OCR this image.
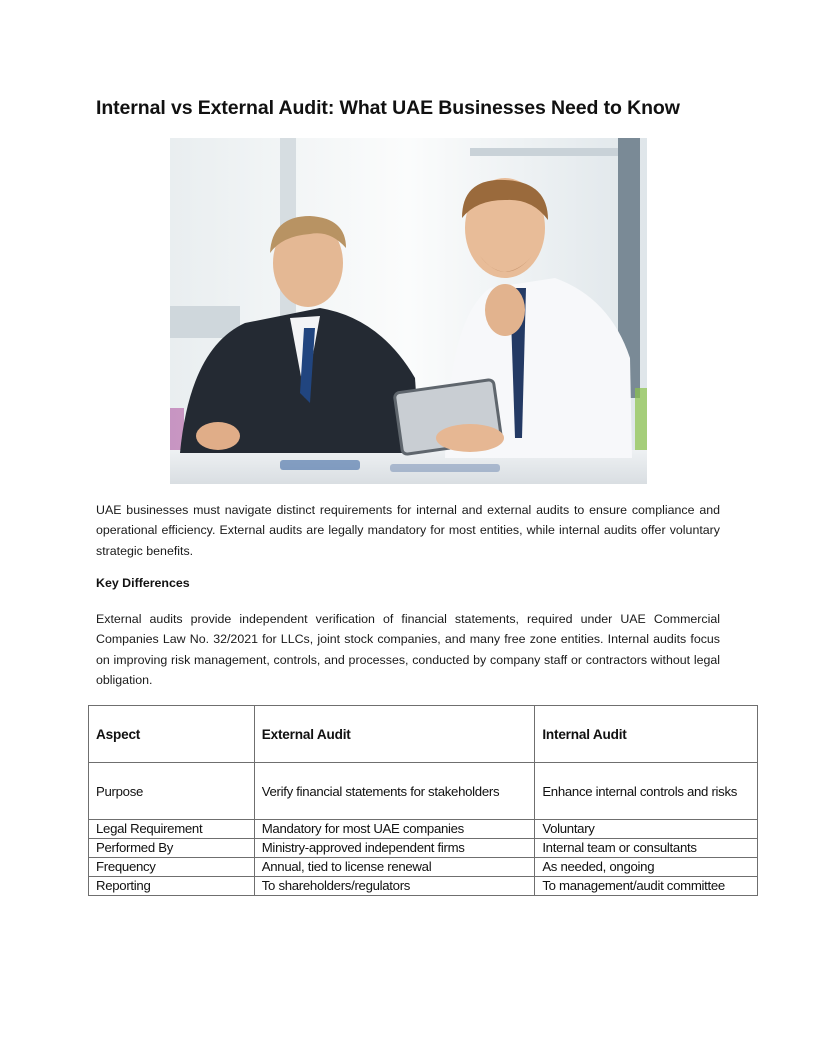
Internal vs External Audit: What UAE Businesses Need to Know

UAE businesses must navigate distinct requirements for internal and external audits to ensure compliance and operational efficiency. External audits are legally mandatory for most entities, while internal audits offer voluntary strategic benefits.

Key Differences

External audits provide independent verification of financial statements, required under UAE Commercial Companies Law No. 32/2021 for LLCs, joint stock companies, and many free zone entities. Internal audits focus on improving risk management, controls, and processes, conducted by company staff or contractors without legal obligation.

Aspect	External Audit	Internal Audit
Purpose	Verify financial statements for stakeholders	Enhance internal controls and risks
Legal Requirement	Mandatory for most UAE companies	Voluntary
Performed By	Ministry-approved independent firms	Internal team or consultants
Frequency	Annual, tied to license renewal	As needed, ongoing
Reporting	To shareholders/regulators	To management/audit committee
